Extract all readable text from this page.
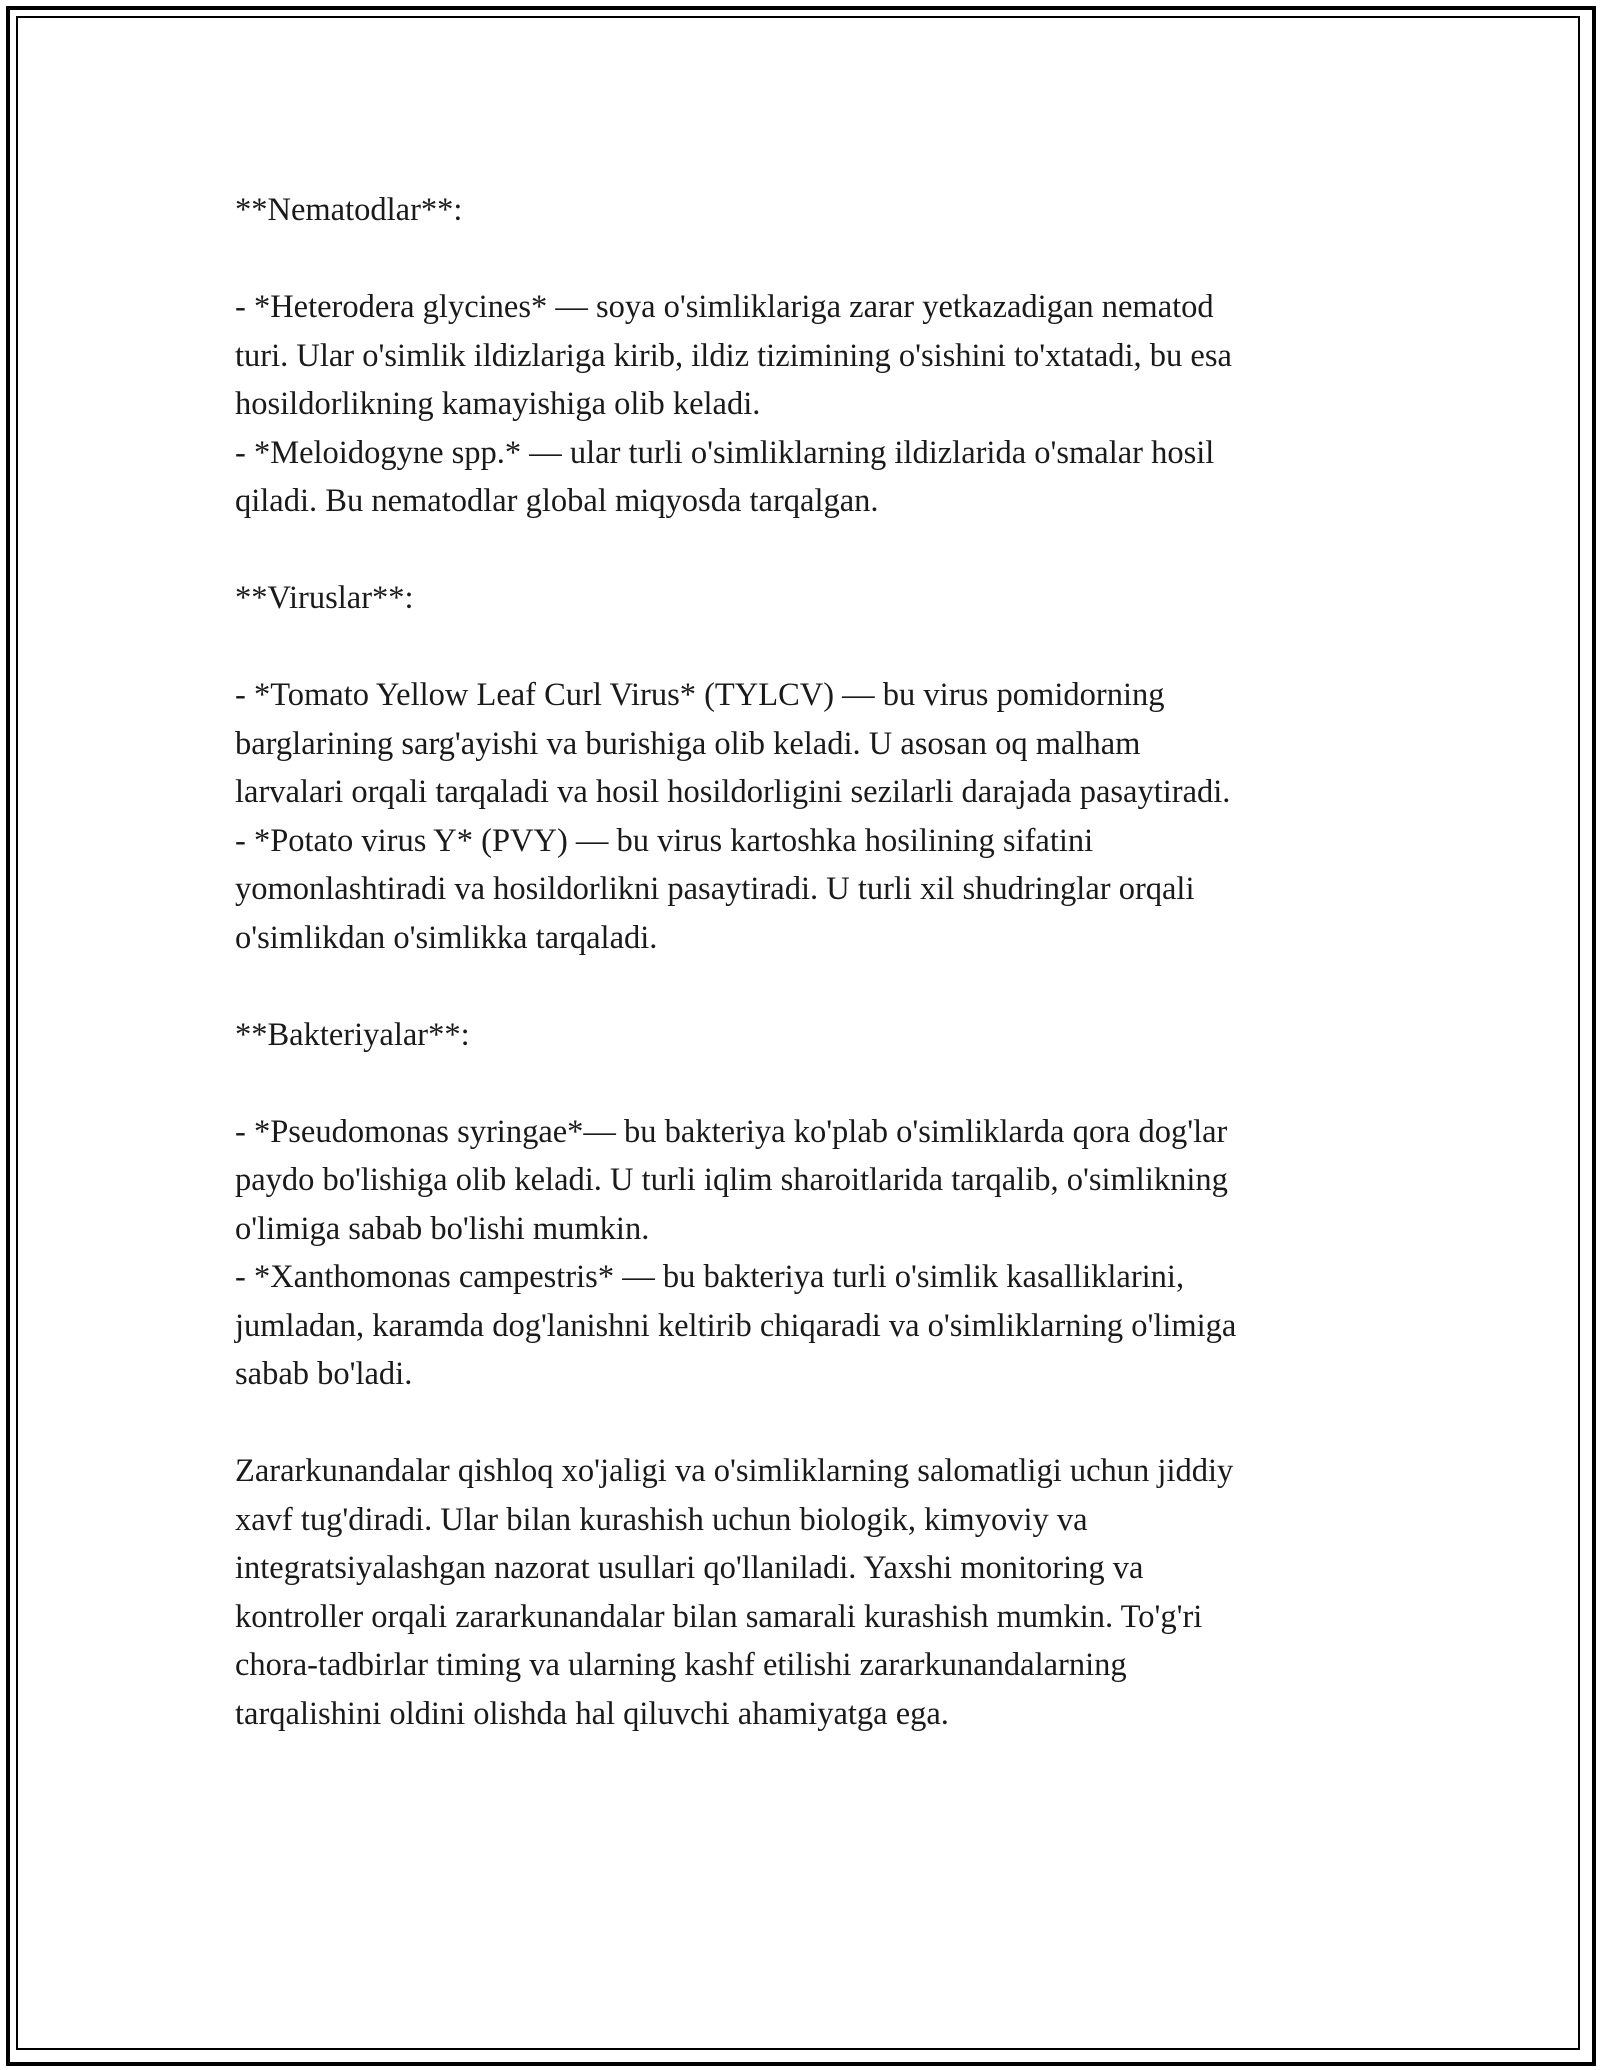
**Nematodlar**:

- *Heterodera glycines* — soya o'simliklariga zarar yetkazadigan nematod

turi. Ular o'simlik ildizlariga kirib, ildiz tizimining o'sishini to'xtatadi, bu esa

hosildorlikning kamayishiga olib keladi.

- *Meloidogyne spp.* — ular turli o'simliklarning ildizlarida o'smalar hosil

qiladi. Bu nematodlar global miqyosda tarqalgan.

**Viruslar**:

- *Tomato Yellow Leaf Curl Virus* (TYLCV) — bu virus pomidorning

barglarining sarg'ayishi va burishiga olib keladi. U asosan oq malham

larvalari orqali tarqaladi va hosil hosildorligini sezilarli darajada pasaytiradi.

- *Potato virus Y* (PVY) — bu virus kartoshka hosilining sifatini

yomonlashtiradi va hosildorlikni pasaytiradi. U turli xil shudringlar orqali

o'simlikdan o'simlikka tarqaladi.

**Bakteriyalar**:

- *Pseudomonas syringae*— bu bakteriya ko'plab o'simliklarda qora dog'lar

paydo bo'lishiga olib keladi. U turli iqlim sharoitlarida tarqalib, o'simlikning

o'limiga sabab bo'lishi mumkin.

- *Xanthomonas campestris* — bu bakteriya turli o'simlik kasalliklarini,

jumladan, karamda dog'lanishni keltirib chiqaradi va o'simliklarning o'limiga

sabab bo'ladi.

Zararkunandalar qishloq xo'jaligi va o'simliklarning salomatligi uchun jiddiy

xavf tug'diradi. Ular bilan kurashish uchun biologik, kimyoviy va

integratsiyalashgan nazorat usullari qo'llaniladi. Yaxshi monitoring va

kontroller orqali zararkunandalar bilan samarali kurashish mumkin. To'g'ri

chora-tadbirlar timing va ularning kashf etilishi zararkunandalarning

tarqalishini oldini olishda hal qiluvchi ahamiyatga ega.
